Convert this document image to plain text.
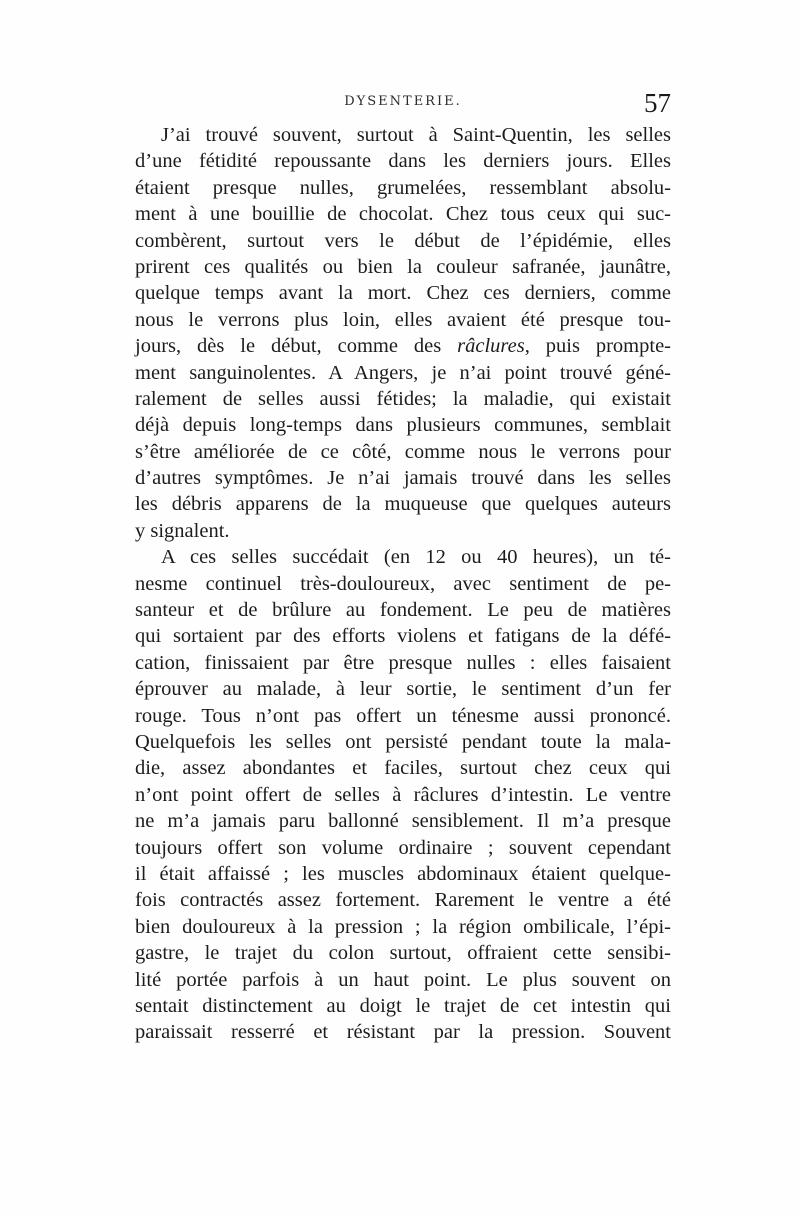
DYSENTERIE.	57
J’ai trouvé souvent, surtout à Saint-Quentin, les selles
d’une fétidité repoussante dans les derniers jours. Elles
étaient presque nulles, grumelées, ressemblant absolu-
ment à une bouillie de chocolat. Chez tous ceux qui suc-
combèrent, surtout vers le début de l’épidémie, elles
prirent ces qualités ou bien la couleur safranée, jaunâtre,
quelque temps avant la mort. Chez ces derniers, comme
nous le verrons plus loin, elles avaient été presque tou-
jours, dès le début, comme des râclures, puis prompte-
ment sanguinolentes. A Angers, je n’ai point trouvé géné-
ralement de selles aussi fétides; la maladie, qui existait
déjà depuis long-temps dans plusieurs communes, semblait
s’être améliorée de ce côté, comme nous le verrons pour
d’autres symptômes. Je n’ai jamais trouvé dans les selles
les débris apparens de la muqueuse que quelques auteurs
y signalent.
A ces selles succédait (en 12 ou 40 heures), un té-
nesme continuel très-douloureux, avec sentiment de pe-
santeur et de brûlure au fondement. Le peu de matières
qui sortaient par des efforts violens et fatigans de la défé-
cation, finissaient par être presque nulles : elles faisaient
éprouver au malade, à leur sortie, le sentiment d’un fer
rouge. Tous n’ont pas offert un ténesme aussi prononcé.
Quelquefois les selles ont persisté pendant toute la mala-
die, assez abondantes et faciles, surtout chez ceux qui
n’ont point offert de selles à râclures d’intestin. Le ventre
ne m’a jamais paru ballonné sensiblement. Il m’a presque
toujours offert son volume ordinaire ; souvent cependant
il était affaissé ; les muscles abdominaux étaient quelque-
fois contractés assez fortement. Rarement le ventre a été
bien douloureux à la pression ; la région ombilicale, l’épi-
gastre, le trajet du colon surtout, offraient cette sensibi-
lité portée parfois à un haut point. Le plus souvent on
sentait distinctement au doigt le trajet de cet intestin qui
paraissait resserré et résistant par la pression. Souvent
